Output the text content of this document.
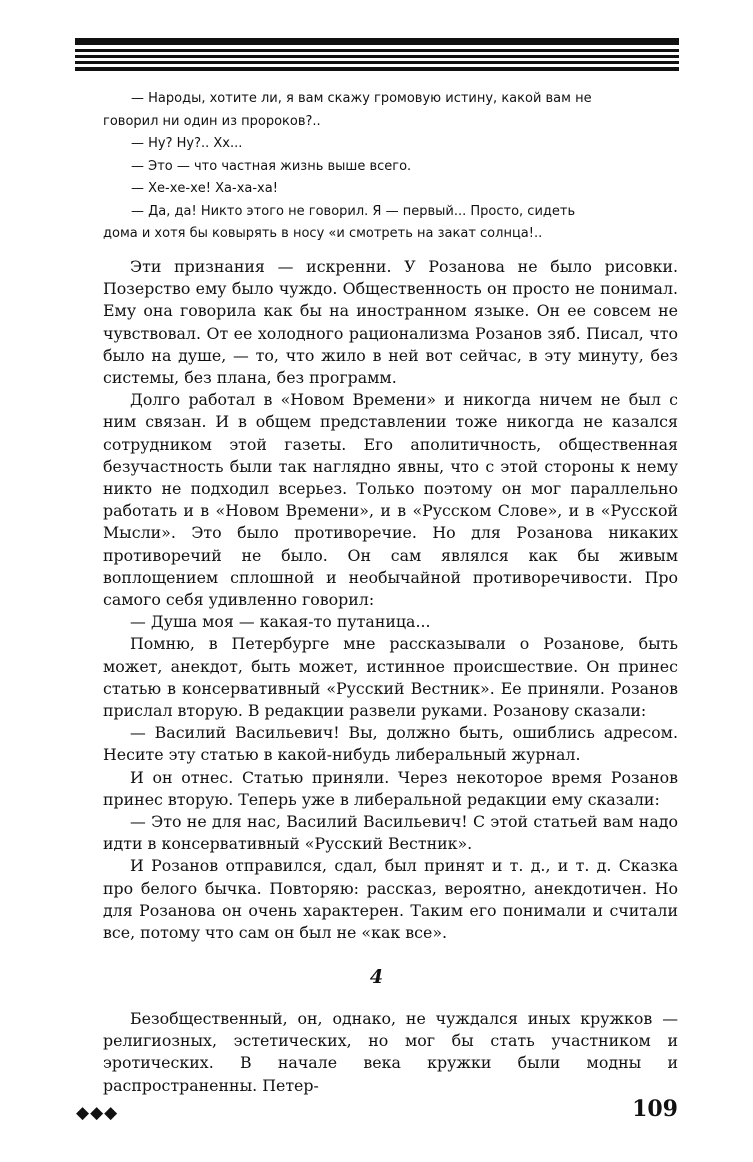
— Народы, хотите ли, я вам скажу громовую истину, какой вам не

говорил ни один из пророков?..

— Ну? Ну?.. Хх...

— Это — что частная жизнь выше всего.

— Хе-хе-хе! Ха-ха-ха!

— Да, да! Никто этого не говорил. Я — первый... Просто, сидеть

дома и хотя бы ковырять в носу «и смотреть на закат солнца!..

Эти признания — искренни. У Розанова не было рисовки. Позерство ему было чуждо. Общественность он просто не понимал. Ему она говорила как бы на иностранном языке. Он ее совсем не чувствовал. От ее холодного рационализма Розанов зяб. Писал, что было на душе, — то, что жило в ней вот сейчас, в эту минуту, без системы, без плана, без программ.

Долго работал в «Новом Времени» и никогда ничем не был с ним связан. И в общем представлении тоже никогда не казался сотрудником этой газеты. Его аполитичность, общественная безучастность были так наглядно явны, что с этой стороны к нему никто не подходил всерьез. Только поэтому он мог параллельно работать и в «Новом Времени», и в «Русском Слове», и в «Русской Мысли». Это было противоречие. Но для Розанова никаких противоречий не было. Он сам являлся как бы живым воплощением сплошной и необычайной противоречивости. Про самого себя удивленно говорил:

— Душа моя — какая-то путаница...

Помню, в Петербурге мне рассказывали о Розанове, быть может, анекдот, быть может, истинное происшествие. Он принес статью в консервативный «Русский Вестник». Ее приняли. Розанов прислал вторую. В редакции развели руками. Розанову сказали:

— Василий Васильевич! Вы, должно быть, ошиблись адресом. Несите эту статью в какой-нибудь либеральный журнал.

И он отнес. Статью приняли. Через некоторое время Розанов принес вторую. Теперь уже в либеральной редакции ему сказали:

— Это не для нас, Василий Васильевич! С этой статьей вам надо идти в консервативный «Русский Вестник».

И Розанов отправился, сдал, был принят и т. д., и т. д. Сказка про белого бычка. Повторяю: рассказ, вероятно, анекдотичен. Но для Розанова он очень характерен. Таким его понимали и считали все, потому что сам он был не «как все».

4

Безобщественный, он, однако, не чуждался иных кружков — религиозных, эстетических, но мог бы стать участником и эротических. В начале века кружки были модны и распространенны. Петер-

◆◆◆	109
